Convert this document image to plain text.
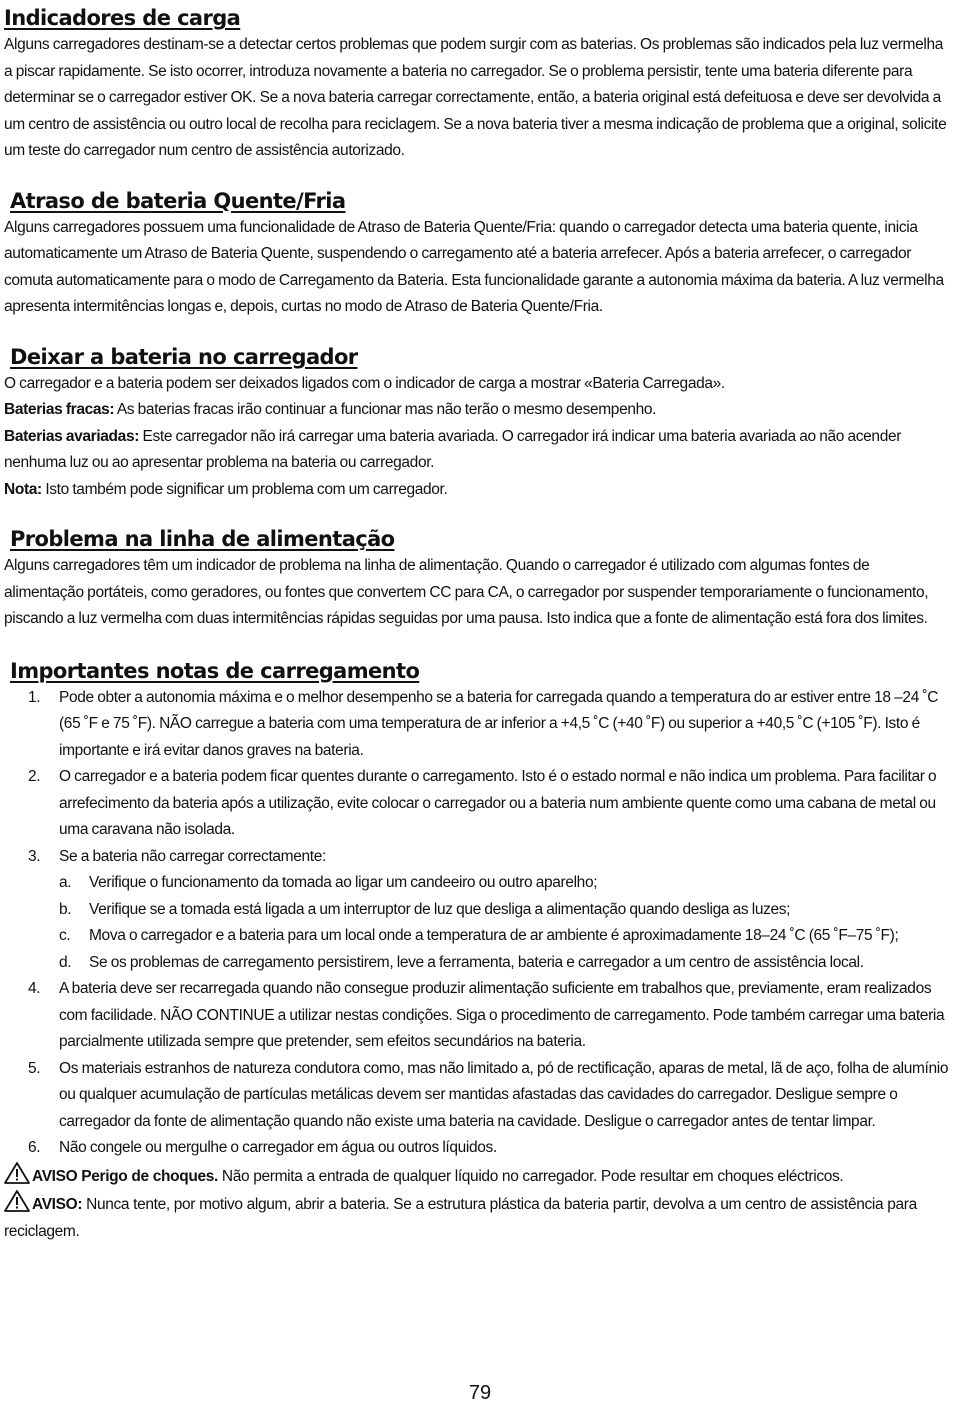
Indicadores de carga

Alguns carregadores destinam-se a detectar certos problemas que podem surgir com as baterias. Os problemas são indicados pela luz vermelha a piscar rapidamente. Se isto ocorrer, introduza novamente a bateria no carregador. Se o problema persistir, tente uma bateria diferente para determinar se o carregador estiver OK. Se a nova bateria carregar correctamente, então, a bateria original está defeituosa e deve ser devolvida a um centro de assistência ou outro local de recolha para reciclagem. Se a nova bateria tiver a mesma indicação de problema que a original, solicite um teste do carregador num centro de assistência autorizado.

Atraso de bateria Quente/Fria

Alguns carregadores possuem uma funcionalidade de Atraso de Bateria Quente/Fria: quando o carregador detecta uma bateria quente, inicia automaticamente um Atraso de Bateria Quente, suspendendo o carregamento até a bateria arrefecer. Após a bateria arrefecer, o carregador comuta automaticamente para o modo de Carregamento da Bateria. Esta funcionalidade garante a autonomia máxima da bateria. A luz vermelha apresenta intermitências longas e, depois, curtas no modo de Atraso de Bateria Quente/Fria.

Deixar a bateria no carregador

O carregador e a bateria podem ser deixados ligados com o indicador de carga a mostrar «Bateria Carregada».

Baterias fracas: As baterias fracas irão continuar a funcionar mas não terão o mesmo desempenho.

Baterias avariadas: Este carregador não irá carregar uma bateria avariada. O carregador irá indicar uma bateria avariada ao não acender nenhuma luz ou ao apresentar problema na bateria ou carregador.

Nota: Isto também pode significar um problema com um carregador.

Problema na linha de alimentação

Alguns carregadores têm um indicador de problema na linha de alimentação. Quando o carregador é utilizado com algumas fontes de alimentação portáteis, como geradores, ou fontes que convertem CC para CA, o carregador por suspender temporariamente o funcionamento, piscando a luz vermelha com duas intermitências rápidas seguidas por uma pausa. Isto indica que a fonte de alimentação está fora dos limites.

Importantes notas de carregamento
1.	Pode obter a autonomia máxima e o melhor desempenho se a bateria for carregada quando a temperatura do ar estiver entre 18 –24 ˚C (65 ˚F e 75 ˚F). NÃO carregue a bateria com uma temperatura de ar inferior a +4,5 ˚C (+40 ˚F) ou superior a +40,5 ˚C (+105 ˚F). Isto é importante e irá evitar danos graves na bateria.
2.	O carregador e a bateria podem ficar quentes durante o carregamento. Isto é o estado normal e não indica um problema. Para facilitar o arrefecimento da bateria após a utilização, evite colocar o carregador ou a bateria num ambiente quente como uma cabana de metal ou uma caravana não isolada.
3.	Se a bateria não carregar correctamente:
a. Verifique o funcionamento da tomada ao ligar um candeeiro ou outro aparelho;
b. Verifique se a tomada está ligada a um interruptor de luz que desliga a alimentação quando desliga as luzes;
c. Mova o carregador e a bateria para um local onde a temperatura de ar ambiente é aproximadamente 18–24 ˚C (65 ˚F–75 ˚F);
d. Se os problemas de carregamento persistirem, leve a ferramenta, bateria e carregador a um centro de assistência local.
4.	A bateria deve ser recarregada quando não consegue produzir alimentação suficiente em trabalhos que, previamente, eram realizados com facilidade. NÃO CONTINUE a utilizar nestas condições. Siga o procedimento de carregamento. Pode também carregar uma bateria parcialmente utilizada sempre que pretender, sem efeitos secundários na bateria.
5.	Os materiais estranhos de natureza condutora como, mas não limitado a, pó de rectificação, aparas de metal, lã de aço, folha de alumínio ou qualquer acumulação de partículas metálicas devem ser mantidas afastadas das cavidades do carregador. Desligue sempre o carregador da fonte de alimentação quando não existe uma bateria na cavidade. Desligue o carregador antes de tentar limpar.
6.	Não congele ou mergulhe o carregador em água ou outros líquidos.

AVISO Perigo de choques. Não permita a entrada de qualquer líquido no carregador. Pode resultar em choques eléctricos.

AVISO: Nunca tente, por motivo algum, abrir a bateria. Se a estrutura plástica da bateria partir, devolva a um centro de assistência para reciclagem.

79
